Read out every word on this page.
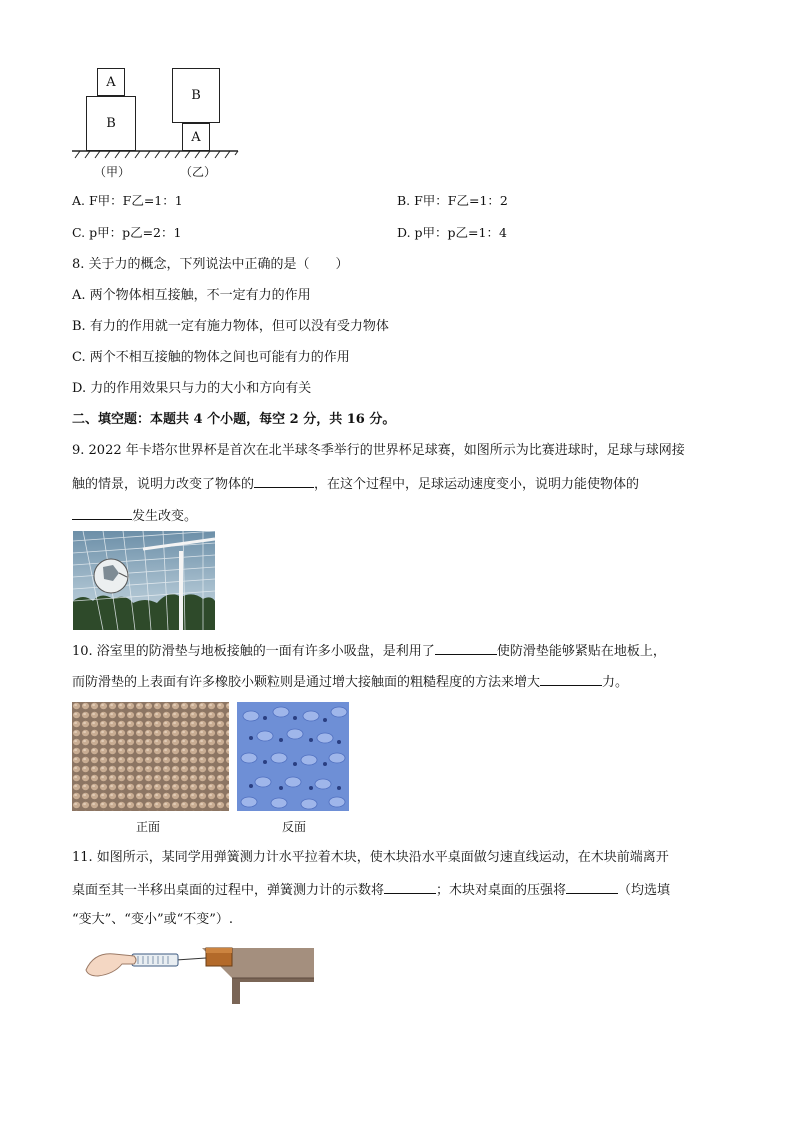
A
B
B
A
（甲）	（乙）
A. F甲：F乙=1：1	B. F甲：F乙=1：2
C. p甲：p乙=2：1	D. p甲：p乙=1：4
8. 关于力的概念，下列说法中正确的是（　　）
A. 两个物体相互接触，不一定有力的作用
B. 有力的作用就一定有施力物体，但可以没有受力物体
C. 两个不相互接触的物体之间也可能有力的作用
D. 力的作用效果只与力的大小和方向有关
二、填空题：本题共 4 个小题，每空 2 分，共 16 分。
9. 2022 年卡塔尔世界杯是首次在北半球冬季举行的世界杯足球赛，如图所示为比赛进球时，足球与球网接
触的情景，说明力改变了物体的	，在这个过程中，足球运动速度变小，说明力能使物体的
发生改变。
10. 浴室里的防滑垫与地板接触的一面有许多小吸盘，是利用了	使防滑垫能够紧贴在地板上，
而防滑垫的上表面有许多橡胶小颗粒则是通过增大接触面的粗糙程度的方法来增大	力。
正面	反面
11. 如图所示，某同学用弹簧测力计水平拉着木块，使木块沿水平桌面做匀速直线运动，在木块前端离开
桌面至其一半移出桌面的过程中，弹簧测力计的示数将	；木块对桌面的压强将	（均选填
“变大”、“变小”或“不变”）.
